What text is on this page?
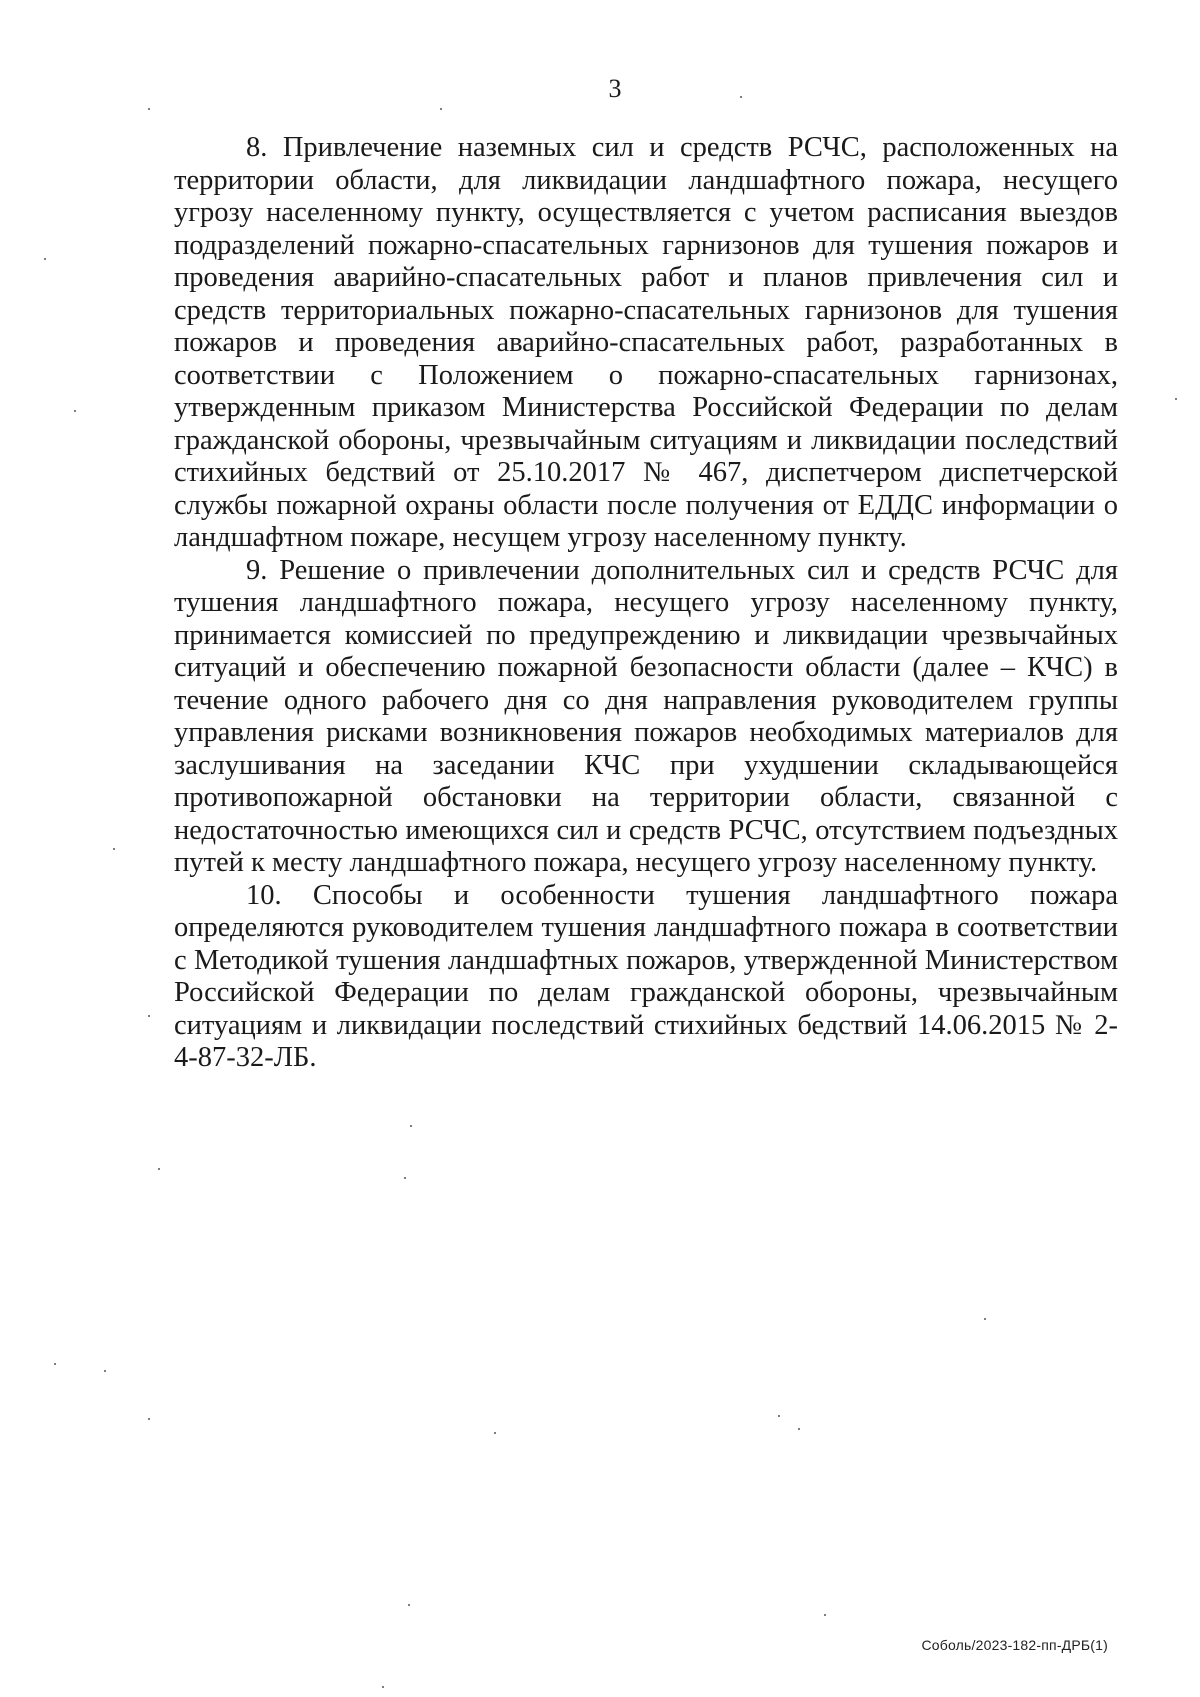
3

8. Привлечение наземных сил и средств РСЧС, расположенных на территории области, для ликвидации ландшафтного пожара, несущего угрозу населенному пункту, осуществляется с учетом расписания выездов подразделений пожарно-спасательных гарнизонов для тушения пожаров и проведения аварийно-спасательных работ и планов привлечения сил и средств территориальных пожарно-спасательных гарнизонов для тушения пожаров и проведения аварийно-спасательных работ, разработанных в соответствии с Положением о пожарно-спасательных гарнизонах, утвержденным приказом Министерства Российской Федерации по делам гражданской обороны, чрезвычайным ситуациям и ликвидации последствий стихийных бедствий от 25.10.2017 № 467, диспетчером диспетчерской службы пожарной охраны области после получения от ЕДДС информации о ландшафтном пожаре, несущем угрозу населенному пункту.

9. Решение о привлечении дополнительных сил и средств РСЧС для тушения ландшафтного пожара, несущего угрозу населенному пункту, принимается комиссией по предупреждению и ликвидации чрезвычайных ситуаций и обеспечению пожарной безопасности области (далее – КЧС) в течение одного рабочего дня со дня направления руководителем группы управления рисками возникновения пожаров необходимых материалов для заслушивания на заседании КЧС при ухудшении складывающейся противопожарной обстановки на территории области, связанной с недостаточностью имеющихся сил и средств РСЧС, отсутствием подъездных путей к месту ландшафтного пожара, несущего угрозу населенному пункту.

10. Способы и особенности тушения ландшафтного пожара определяются руководителем тушения ландшафтного пожара в соответствии с Методикой тушения ландшафтных пожаров, утвержденной Министерством Российской Федерации по делам гражданской обороны, чрезвычайным ситуациям и ликвидации последствий стихийных бедствий 14.06.2015 № 2-4-87-32-ЛБ.

Соболь/2023-182-пп-ДРБ(1)
